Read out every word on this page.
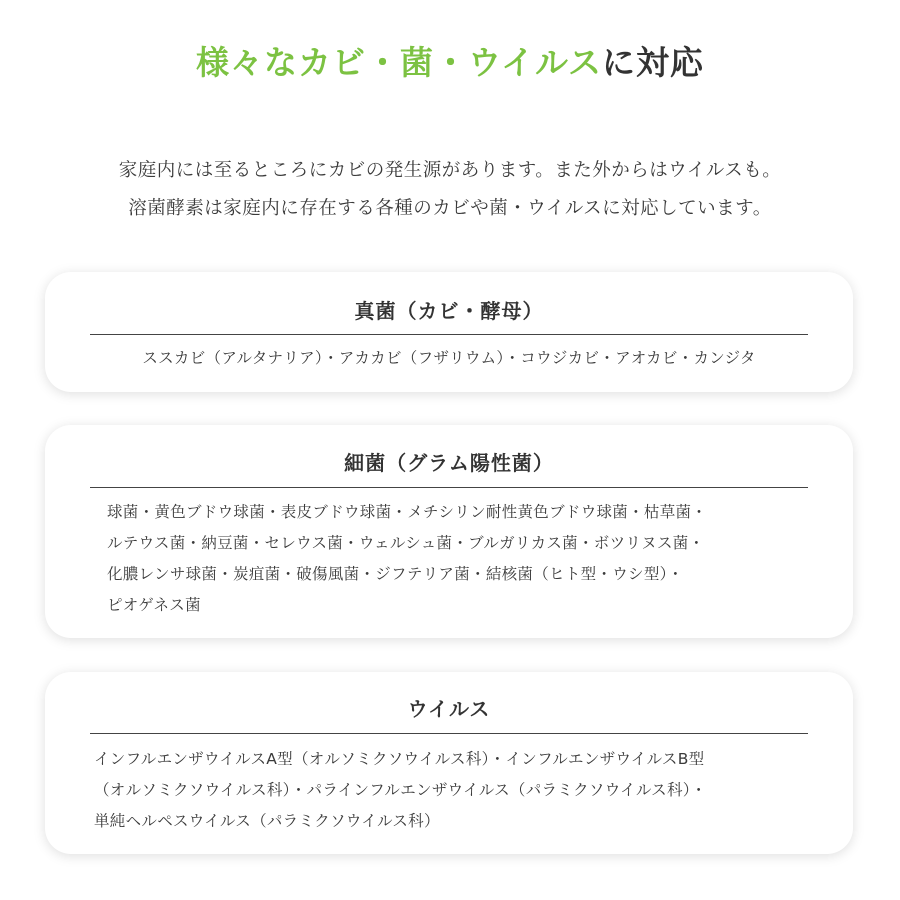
様々なカビ・菌・ウイルスに対応

家庭内には至るところにカビの発生源があります。また外からはウイルスも。

溶菌酵素は家庭内に存在する各種のカビや菌・ウイルスに対応しています。

真菌（カビ・酵母）

ススカビ（アルタナリア）・アカカビ（フザリウム）・コウジカビ・アオカビ・カンジタ

細菌（グラム陽性菌）

球菌・黄色ブドウ球菌・表皮ブドウ球菌・メチシリン耐性黄色ブドウ球菌・枯草菌・

ルテウス菌・納豆菌・セレウス菌・ウェルシュ菌・ブルガリカス菌・ボツリヌス菌・

化膿レンサ球菌・炭疽菌・破傷風菌・ジフテリア菌・結核菌（ヒト型・ウシ型）・

ピオゲネス菌

ウイルス

インフルエンザウイルスA型（オルソミクソウイルス科）・インフルエンザウイルスB型

（オルソミクソウイルス科）・パラインフルエンザウイルス（パラミクソウイルス科）・

単純ヘルペスウイルス（パラミクソウイルス科）
